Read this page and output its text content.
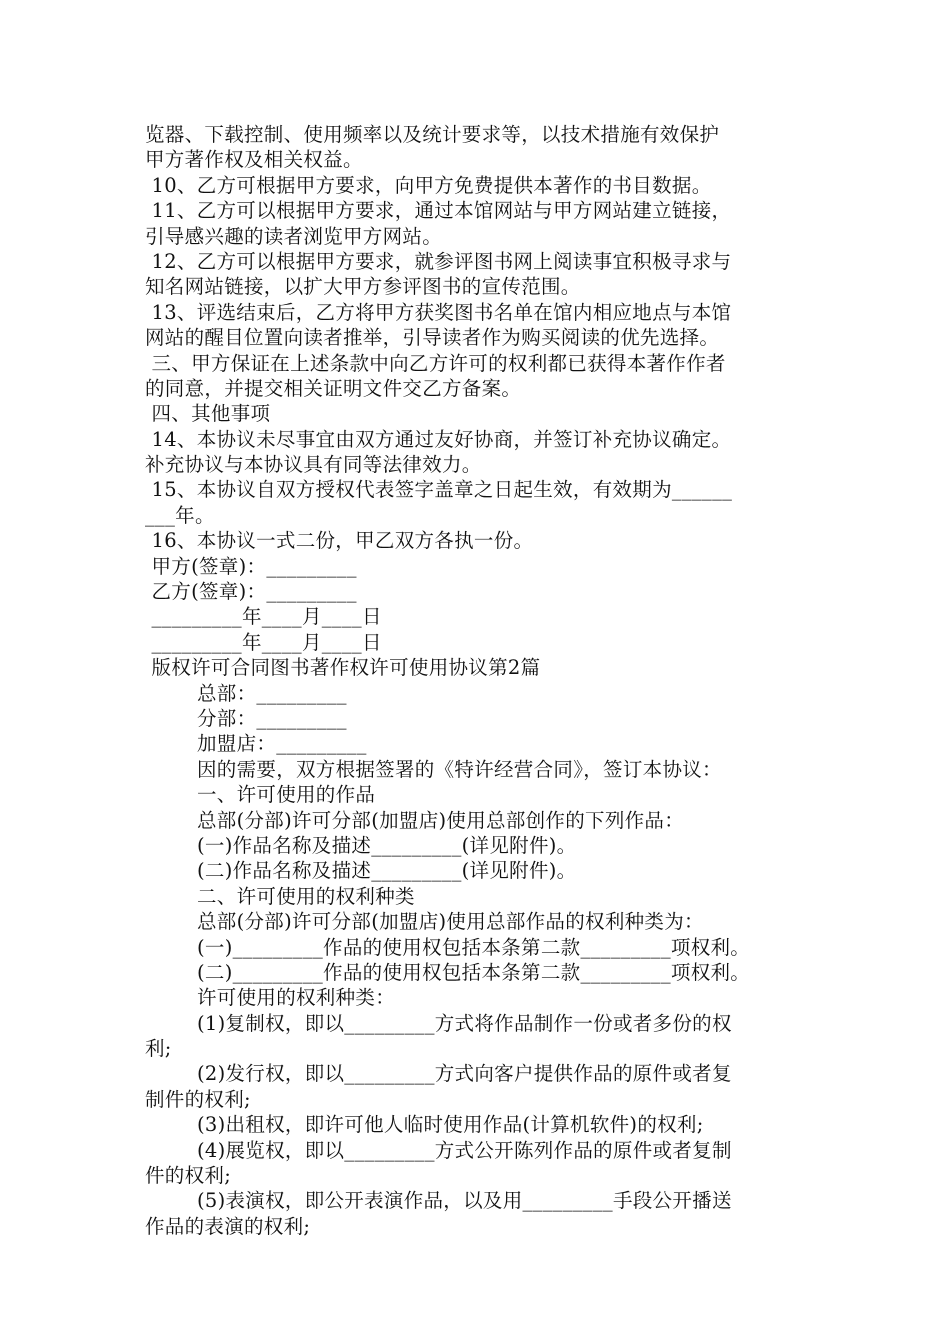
览器、下载控制、使用频率以及统计要求等，以技术措施有效保护
甲方著作权及相关权益。
10、乙方可根据甲方要求，向甲方免费提供本著作的书目数据。
11、乙方可以根据甲方要求，通过本馆网站与甲方网站建立链接，
引导感兴趣的读者浏览甲方网站。
12、乙方可以根据甲方要求，就参评图书网上阅读事宜积极寻求与
知名网站链接，以扩大甲方参评图书的宣传范围。
13、评选结束后，乙方将甲方获奖图书名单在馆内相应地点与本馆
网站的醒目位置向读者推举，引导读者作为购买阅读的优先选择。
三、甲方保证在上述条款中向乙方许可的权利都已获得本著作作者
的同意，并提交相关证明文件交乙方备案。
四、其他事项
14、本协议未尽事宜由双方通过友好协商，并签订补充协议确定。
补充协议与本协议具有同等法律效力。
15、本协议自双方授权代表签字盖章之日起生效，有效期为______
___年。
16、本协议一式二份，甲乙双方各执一份。
甲方(签章)：_________
乙方(签章)：_________
_________年____月____日
_________年____月____日
版权许可合同图书著作权许可使用协议第2篇
总部：_________
分部：_________
加盟店：_________
因的需要，双方根据签署的《特许经营合同》，签订本协议：
一、许可使用的作品
总部(分部)许可分部(加盟店)使用总部创作的下列作品：
(一)作品名称及描述_________(详见附件)。
(二)作品名称及描述_________(详见附件)。
二、许可使用的权利种类
总部(分部)许可分部(加盟店)使用总部作品的权利种类为：
(一)_________作品的使用权包括本条第二款_________项权利。
(二)_________作品的使用权包括本条第二款_________项权利。
许可使用的权利种类：
(1)复制权，即以_________方式将作品制作一份或者多份的权
利;
(2)发行权，即以_________方式向客户提供作品的原件或者复
制件的权利;
(3)出租权，即许可他人临时使用作品(计算机软件)的权利;
(4)展览权，即以_________方式公开陈列作品的原件或者复制
件的权利;
(5)表演权，即公开表演作品，以及用_________手段公开播送
作品的表演的权利;
